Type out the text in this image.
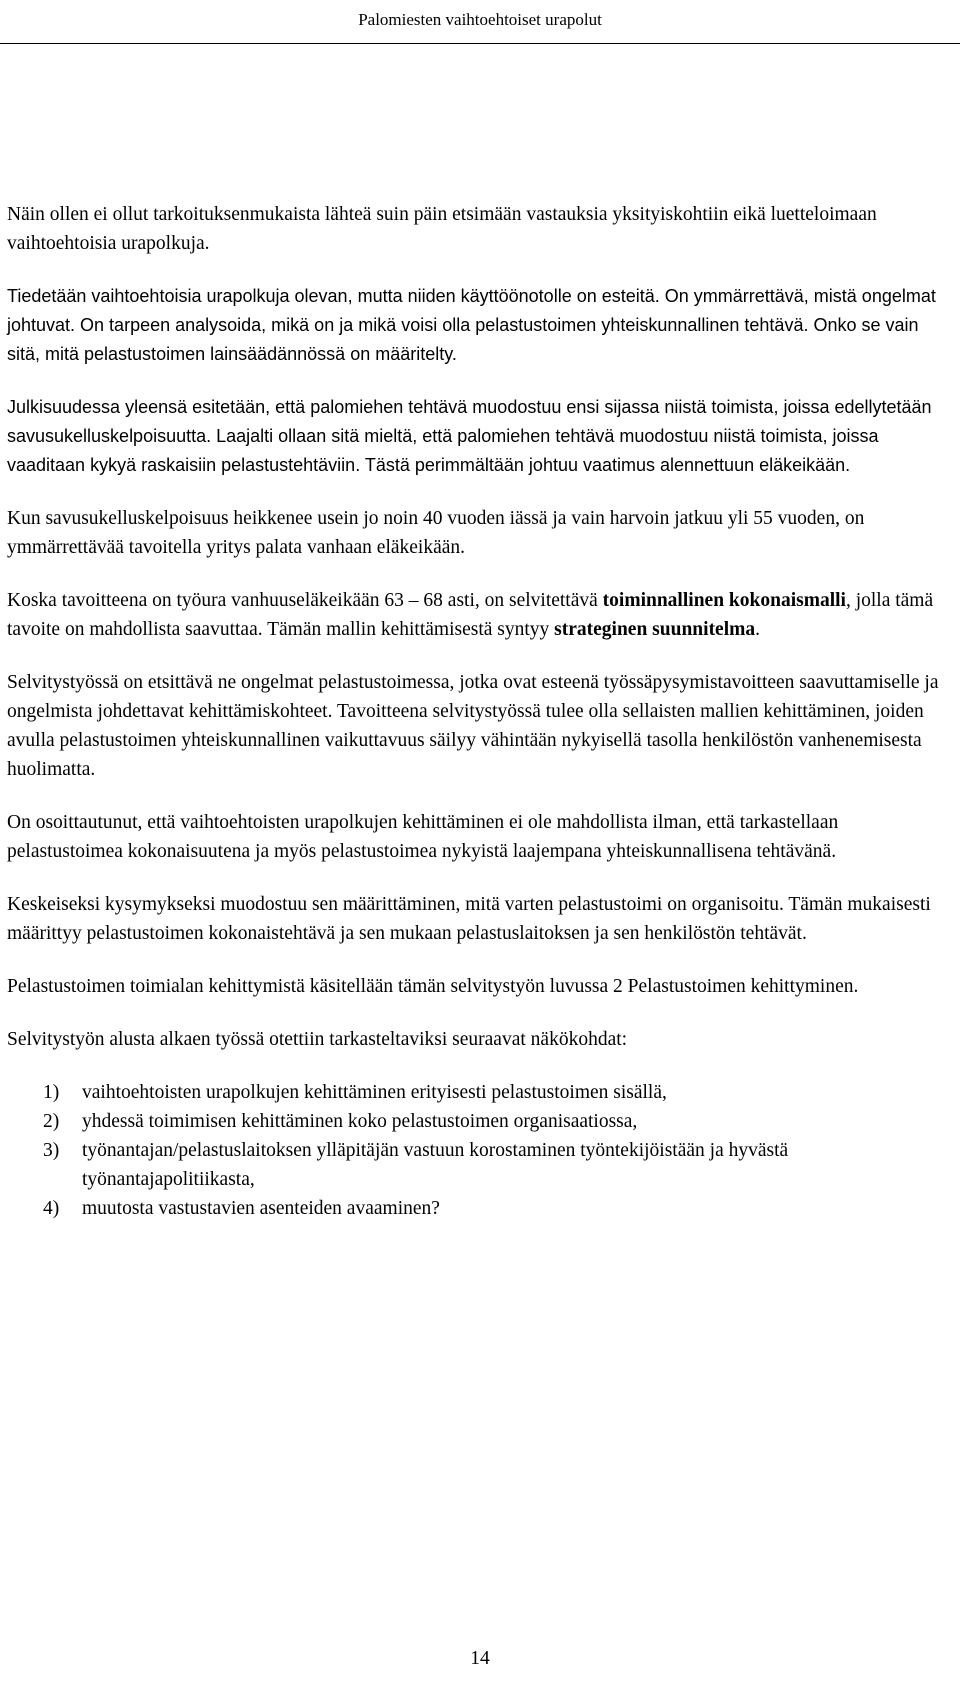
Palomiesten vaihtoehtoiset urapolut

Näin ollen ei ollut tarkoituksenmukaista lähteä suin päin etsimään vastauksia yksityiskohtiin eikä luetteloimaan vaihtoehtoisia urapolkuja.

Tiedetään vaihtoehtoisia urapolkuja olevan, mutta niiden käyttöönotolle on esteitä. On ymmärrettävä, mistä ongelmat johtuvat. On tarpeen analysoida, mikä on ja mikä voisi olla pelastustoimen yhteiskunnallinen tehtävä. Onko se vain sitä, mitä pelastustoimen lainsäädännössä on määritelty.

Julkisuudessa yleensä esitetään, että palomiehen tehtävä muodostuu ensi sijassa niistä toimista, joissa edellytetään savusukelluskelpoisuutta. Laajalti ollaan sitä mieltä, että palomiehen tehtävä muodostuu niistä toimista, joissa vaaditaan kykyä raskaisiin pelastustehtäviin. Tästä perimmältään johtuu vaatimus alennettuun eläkeikään.

Kun savusukelluskelpoisuus heikkenee usein jo noin 40 vuoden iässä ja vain harvoin jatkuu yli 55 vuoden, on ymmärrettävää tavoitella yritys palata vanhaan eläkeikään.

Koska tavoitteena on työura vanhuuseläkeikään 63 – 68 asti, on selvitettävä toiminnallinen kokonaismalli, jolla tämä tavoite on mahdollista saavuttaa. Tämän mallin kehittämisestä syntyy strateginen suunnitelma.

Selvitystyössä on etsittävä ne ongelmat pelastustoimessa, jotka ovat esteenä työssäpysymistavoitteen saavuttamiselle ja ongelmista johdettavat kehittämiskohteet. Tavoitteena selvitystyössä tulee olla sellaisten mallien kehittäminen, joiden avulla pelastustoimen yhteiskunnallinen vaikuttavuus säilyy vähintään nykyisellä tasolla henkilöstön vanhenemisesta huolimatta.

On osoittautunut, että vaihtoehtoisten urapolkujen kehittäminen ei ole mahdollista ilman, että tarkastellaan pelastustoimea kokonaisuutena ja myös pelastustoimea nykyistä laajempana yhteiskunnallisena tehtävänä.

Keskeiseksi kysymykseksi muodostuu sen määrittäminen, mitä varten pelastustoimi on organisoitu. Tämän mukaisesti määrittyy pelastustoimen kokonaistehtävä ja sen mukaan pelastuslaitoksen ja sen henkilöstön tehtävät.

Pelastustoimen toimialan kehittymistä käsitellään tämän selvitystyön luvussa 2 Pelastustoimen kehittyminen.

Selvitystyön alusta alkaen työssä otettiin tarkasteltaviksi seuraavat näkökohdat:

1) vaihtoehtoisten urapolkujen kehittäminen erityisesti pelastustoimen sisällä,
2) yhdessä toimimisen kehittäminen koko pelastustoimen organisaatiossa,
3) työnantajan/pelastuslaitoksen ylläpitäjän vastuun korostaminen työntekijöistään ja hyvästä työnantajapolitiikasta,
4) muutosta vastustavien asenteiden avaaminen?
14
